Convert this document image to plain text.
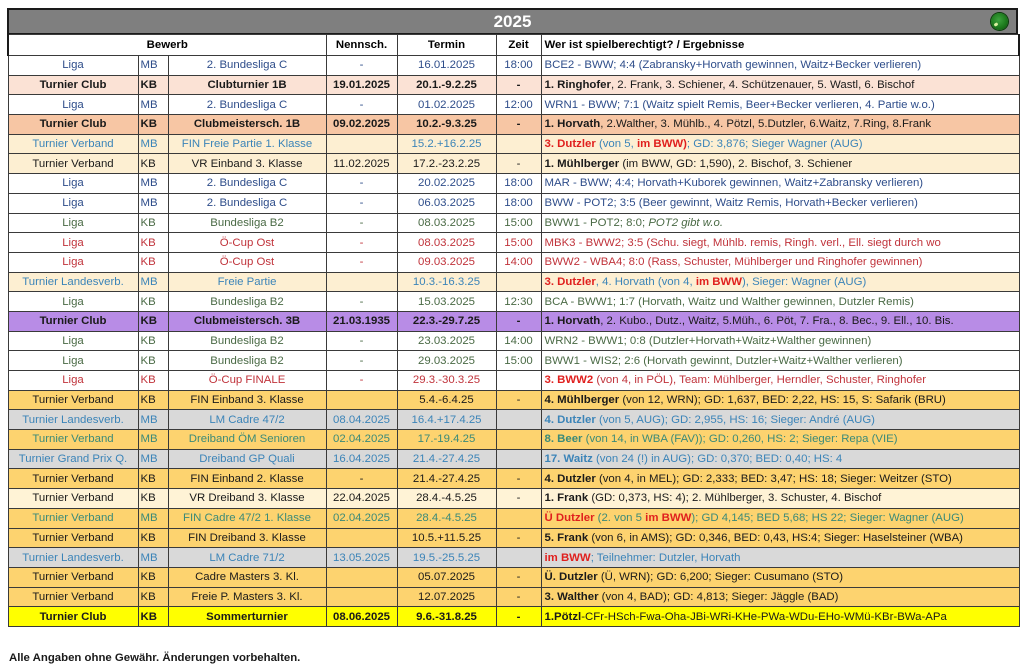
2025
Bewerb			Nennsch.	Termin	Zeit	Wer ist spielberechtigt? / Ergebnisse
Liga	MB	2. Bundesliga C	-	16.01.2025	18:00	BCE2 - BWW; 4:4 (Zabransky+Horvath gewinnen, Waitz+Becker verlieren)
Turnier Club	KB	Clubturnier 1B	19.01.2025	20.1.-9.2.25	-	1. Ringhofer, 2. Frank, 3. Schiener, 4. Schützenauer, 5. Wastl, 6. Bischof
Liga	MB	2. Bundesliga C	-	01.02.2025	12:00	WRN1 - BWW; 7:1 (Waitz spielt Remis, Beer+Becker verlieren, 4. Partie w.o.)
Turnier Club	KB	Clubmeistersch. 1B	09.02.2025	10.2.-9.3.25	-	1. Horvath, 2.Walther, 3. Mühlb., 4. Pötzl, 5.Dutzler, 6.Waitz, 7.Ring, 8.Frank
Turnier Verband	MB	FIN Freie Partie 1. Klasse		15.2.+16.2.25		3. Dutzler (von 5, im BWW); GD: 3,876; Sieger Wagner (AUG)
Turnier Verband	KB	VR Einband 3. Klasse	11.02.2025	17.2.-23.2.25	-	1. Mühlberger (im BWW, GD: 1,590), 2. Bischof, 3. Schiener
Liga	MB	2. Bundesliga C	-	20.02.2025	18:00	MAR - BWW; 4:4; Horvath+Kuborek gewinnen, Waitz+Zabransky verlieren)
Liga	MB	2. Bundesliga C	-	06.03.2025	18:00	BWW - POT2; 3:5 (Beer gewinnt, Waitz Remis, Horvath+Becker verlieren)
Liga	KB	Bundesliga B2	-	08.03.2025	15:00	BWW1 - POT2; 8:0; POT2 gibt w.o.
Liga	KB	Ö-Cup Ost	-	08.03.2025	15:00	MBK3 - BWW2; 3:5 (Schu. siegt, Mühlb. remis, Ringh. verl., Ell. siegt durch wo
Liga	KB	Ö-Cup Ost	-	09.03.2025	14:00	BWW2 - WBA4; 8:0 (Rass, Schuster, Mühlberger und Ringhofer gewinnen)
Turnier Landesverb.	MB	Freie Partie		10.3.-16.3.25		3. Dutzler, 4. Horvath (von 4, im BWW), Sieger: Wagner (AUG)
Liga	KB	Bundesliga B2	-	15.03.2025	12:30	BCA - BWW1; 1:7 (Horvath, Waitz und Walther gewinnen, Dutzler Remis)
Turnier Club	KB	Clubmeistersch. 3B	21.03.1935	22.3.-29.7.25	-	1. Horvath, 2. Kubo., Dutz., Waitz, 5.Müh., 6. Pöt, 7. Fra., 8. Bec., 9. Ell., 10. Bis.
Liga	KB	Bundesliga B2	-	23.03.2025	14:00	WRN2 - BWW1; 0:8 (Dutzler+Horvath+Waitz+Walther gewinnen)
Liga	KB	Bundesliga B2	-	29.03.2025	15:00	BWW1 - WIS2; 2:6 (Horvath gewinnt, Dutzler+Waitz+Walther verlieren)
Liga	KB	Ö-Cup FINALE	-	29.3.-30.3.25		3. BWW2 (von 4, in PÖL), Team: Mühlberger, Herndler, Schuster, Ringhofer
Turnier Verband	KB	FIN Einband 3. Klasse		5.4.-6.4.25	-	4. Mühlberger (von 12, WRN); GD: 1,637, BED: 2,22, HS: 15, S: Safarik (BRU)
Turnier Landesverb.	MB	LM Cadre 47/2	08.04.2025	16.4.+17.4.25		4. Dutzler (von 5, AUG); GD: 2,955, HS: 16; Sieger: André (AUG)
Turnier Verband	MB	Dreiband ÖM Senioren	02.04.2025	17.-19.4.25		8. Beer (von 14, in WBA (FAV)); GD: 0,260, HS: 2; Sieger: Repa (VIE)
Turnier Grand Prix Q.	MB	Dreiband GP Quali	16.04.2025	21.4.-27.4.25		17. Waitz (von 24 (!) in AUG); GD: 0,370; BED: 0,40; HS: 4
Turnier Verband	KB	FIN Einband 2. Klasse	-	21.4.-27.4.25	-	4. Dutzler (von 4, in MEL); GD: 2,333; BED: 3,47; HS: 18; Sieger: Weitzer (STO)
Turnier Verband	KB	VR Dreiband 3. Klasse	22.04.2025	28.4.-4.5.25	-	1. Frank (GD: 0,373, HS: 4); 2. Mühlberger, 3. Schuster, 4. Bischof
Turnier Verband	MB	FIN Cadre 47/2 1. Klasse	02.04.2025	28.4.-4.5.25		Ü Dutzler (2. von 5 im BWW); GD 4,145; BED 5,68; HS 22; Sieger: Wagner (AUG)
Turnier Verband	KB	FIN Dreiband 3. Klasse		10.5.+11.5.25	-	5. Frank (von 6, in AMS); GD: 0,346, BED: 0,43, HS:4; Sieger: Haselsteiner (WBA)
Turnier Landesverb.	MB	LM Cadre 71/2	13.05.2025	19.5.-25.5.25		im BWW; Teilnehmer: Dutzler, Horvath
Turnier Verband	KB	Cadre Masters 3. Kl.		05.07.2025	-	Ü. Dutzler (Ü, WRN); GD: 6,200; Sieger: Cusumano (STO)
Turnier Verband	KB	Freie P. Masters 3. Kl.		12.07.2025	-	3. Walther (von 4, BAD); GD: 4,813; Sieger: Jäggle (BAD)
Turnier Club	KB	Sommerturnier	08.06.2025	9.6.-31.8.25	-	1.Pötzl-CFr-HSch-Fwa-Oha-JBi-WRi-KHe-PWa-WDu-EHo-WMü-KBr-BWa-APa
Alle Angaben ohne Gewähr. Änderungen vorbehalten.
